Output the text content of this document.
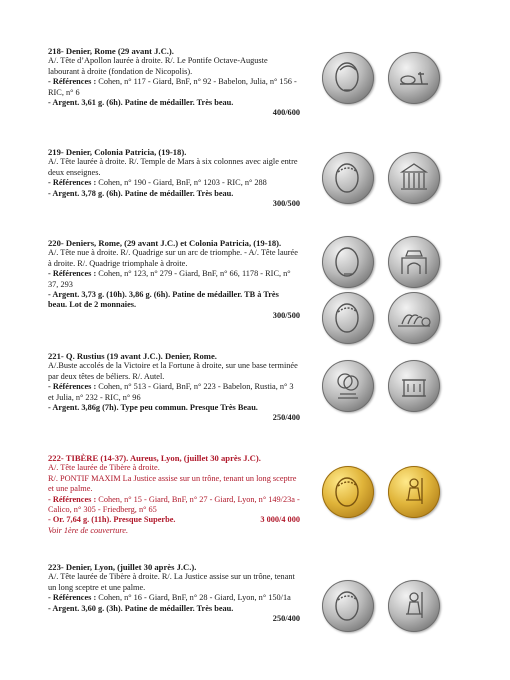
218- Denier, Rome (29 avant J.C.).

A/. Tête d’Apollon laurée à droite. R/. Le Pontife Octave-Auguste labourant à droite (fondation de Nicopolis).

- Références : Cohen, n° 117 - Giard, BnF, n° 92 - Babelon, Julia, n° 156 - RIC, n° 6

- Argent. 3,61 g. (6h). Patine de médailler. Très beau.

400/600

219- Denier, Colonia Patricia, (19-18).

A/. Tête laurée à droite. R/. Temple de Mars à six colonnes avec aigle entre deux enseignes.

- Références : Cohen, n° 190 - Giard, BnF, n° 1203 - RIC, n° 288

- Argent. 3,78 g. (6h). Patine de médailler. Très beau.

300/500

220- Deniers, Rome, (29 avant J.C.) et Colonia Patricia, (19-18).

A/. Tête nue à droite. R/. Quadrige sur un arc de triomphe. - A/. Tête laurée à droite. R/. Quadrige triomphale à droite.

- Références : Cohen, n° 123, n° 279 - Giard, BnF, n° 66, 1178 - RIC, n° 37, 293

- Argent. 3,73 g. (10h). 3,86 g. (6h). Patine de médailler. TB à Très beau. Lot de 2 monnaies.

300/500

221- Q. Rustius (19 avant J.C.). Denier, Rome.

A/.Buste accolés de la Victoire et la Fortune à droite, sur une base terminée par deux têtes de béliers. R/. Autel.

- Références : Cohen, n° 513 - Giard, BnF, n° 223 - Babelon, Rustia, n° 3 et Julia, n° 232 - RIC, n° 96

- Argent. 3,86g (7h). Type peu commun. Presque Très Beau.

250/400

222- TIBÈRE (14-37). Aureus, Lyon, (juillet 30 après J.C).

A/. Tête laurée de Tibère à droite.

R/. PONTIF MAXIM La Justice assise sur un trône, tenant un long sceptre et une palme.

- Références : Cohen, n° 15 - Giard, BnF, n° 27 - Giard, Lyon, n° 149/23a - Calico, n° 305 - Friedberg, n° 65

- Or. 7,64 g. (11h). Presque Superbe.	3 000/4 000

Voir 1ère de couverture.

223- Denier, Lyon, (juillet 30 après J.C.).

A/. Tête laurée de Tibère à droite. R/. La Justice assise sur un trône, tenant un long sceptre et une palme.

- Références : Cohen, n° 16 - Giard, BnF, n° 28 - Giard, Lyon, n° 150/1a

- Argent. 3,60 g. (3h). Patine de médailler. Très beau.

250/400
